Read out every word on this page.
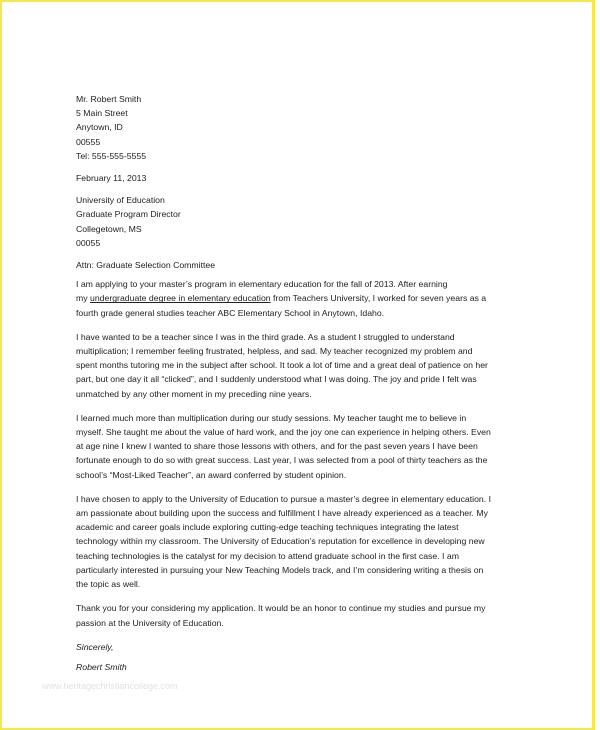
Mr. Robert Smith
5 Main Street
Anytown, ID
00555
Tel: 555-555-5555
February 11, 2013
University of Education
Graduate Program Director
Collegetown, MS
00055
Attn: Graduate Selection Committee
I am applying to your master’s program in elementary education for the fall of 2013. After earning
my undergraduate degree in elementary education from Teachers University, I worked for seven years as a
fourth grade general studies teacher ABC Elementary School in Anytown, Idaho.
I have wanted to be a teacher since I was in the third grade. As a student I struggled to understand
multiplication; I remember feeling frustrated, helpless, and sad. My teacher recognized my problem and
spent months tutoring me in the subject after school. It took a lot of time and a great deal of patience on her
part, but one day it all “clicked”, and I suddenly understood what I was doing. The joy and pride I felt was
unmatched by any other moment in my preceding nine years.
I learned much more than multiplication during our study sessions. My teacher taught me to believe in
myself. She taught me about the value of hard work, and the joy one can experience in helping others. Even
at age nine I knew I wanted to share those lessons with others, and for the past seven years I have been
fortunate enough to do so with great success. Last year, I was selected from a pool of thirty teachers as the
school’s “Most-Liked Teacher”, an award conferred by student opinion.
I have chosen to apply to the University of Education to pursue a master’s degree in elementary education. I
am passionate about building upon the success and fulfillment I have already experienced as a teacher. My
academic and career goals include exploring cutting-edge teaching techniques integrating the latest
technology within my classroom. The University of Education’s reputation for excellence in developing new
teaching technologies is the catalyst for my decision to attend graduate school in the first case. I am
particularly interested in pursuing your New Teaching Models track, and I’m considering writing a thesis on
the topic as well.
Thank you for your considering my application. It would be an honor to continue my studies and pursue my
passion at the University of Education.
Sincerely,
Robert Smith
www.heritagechristiancollege.com
